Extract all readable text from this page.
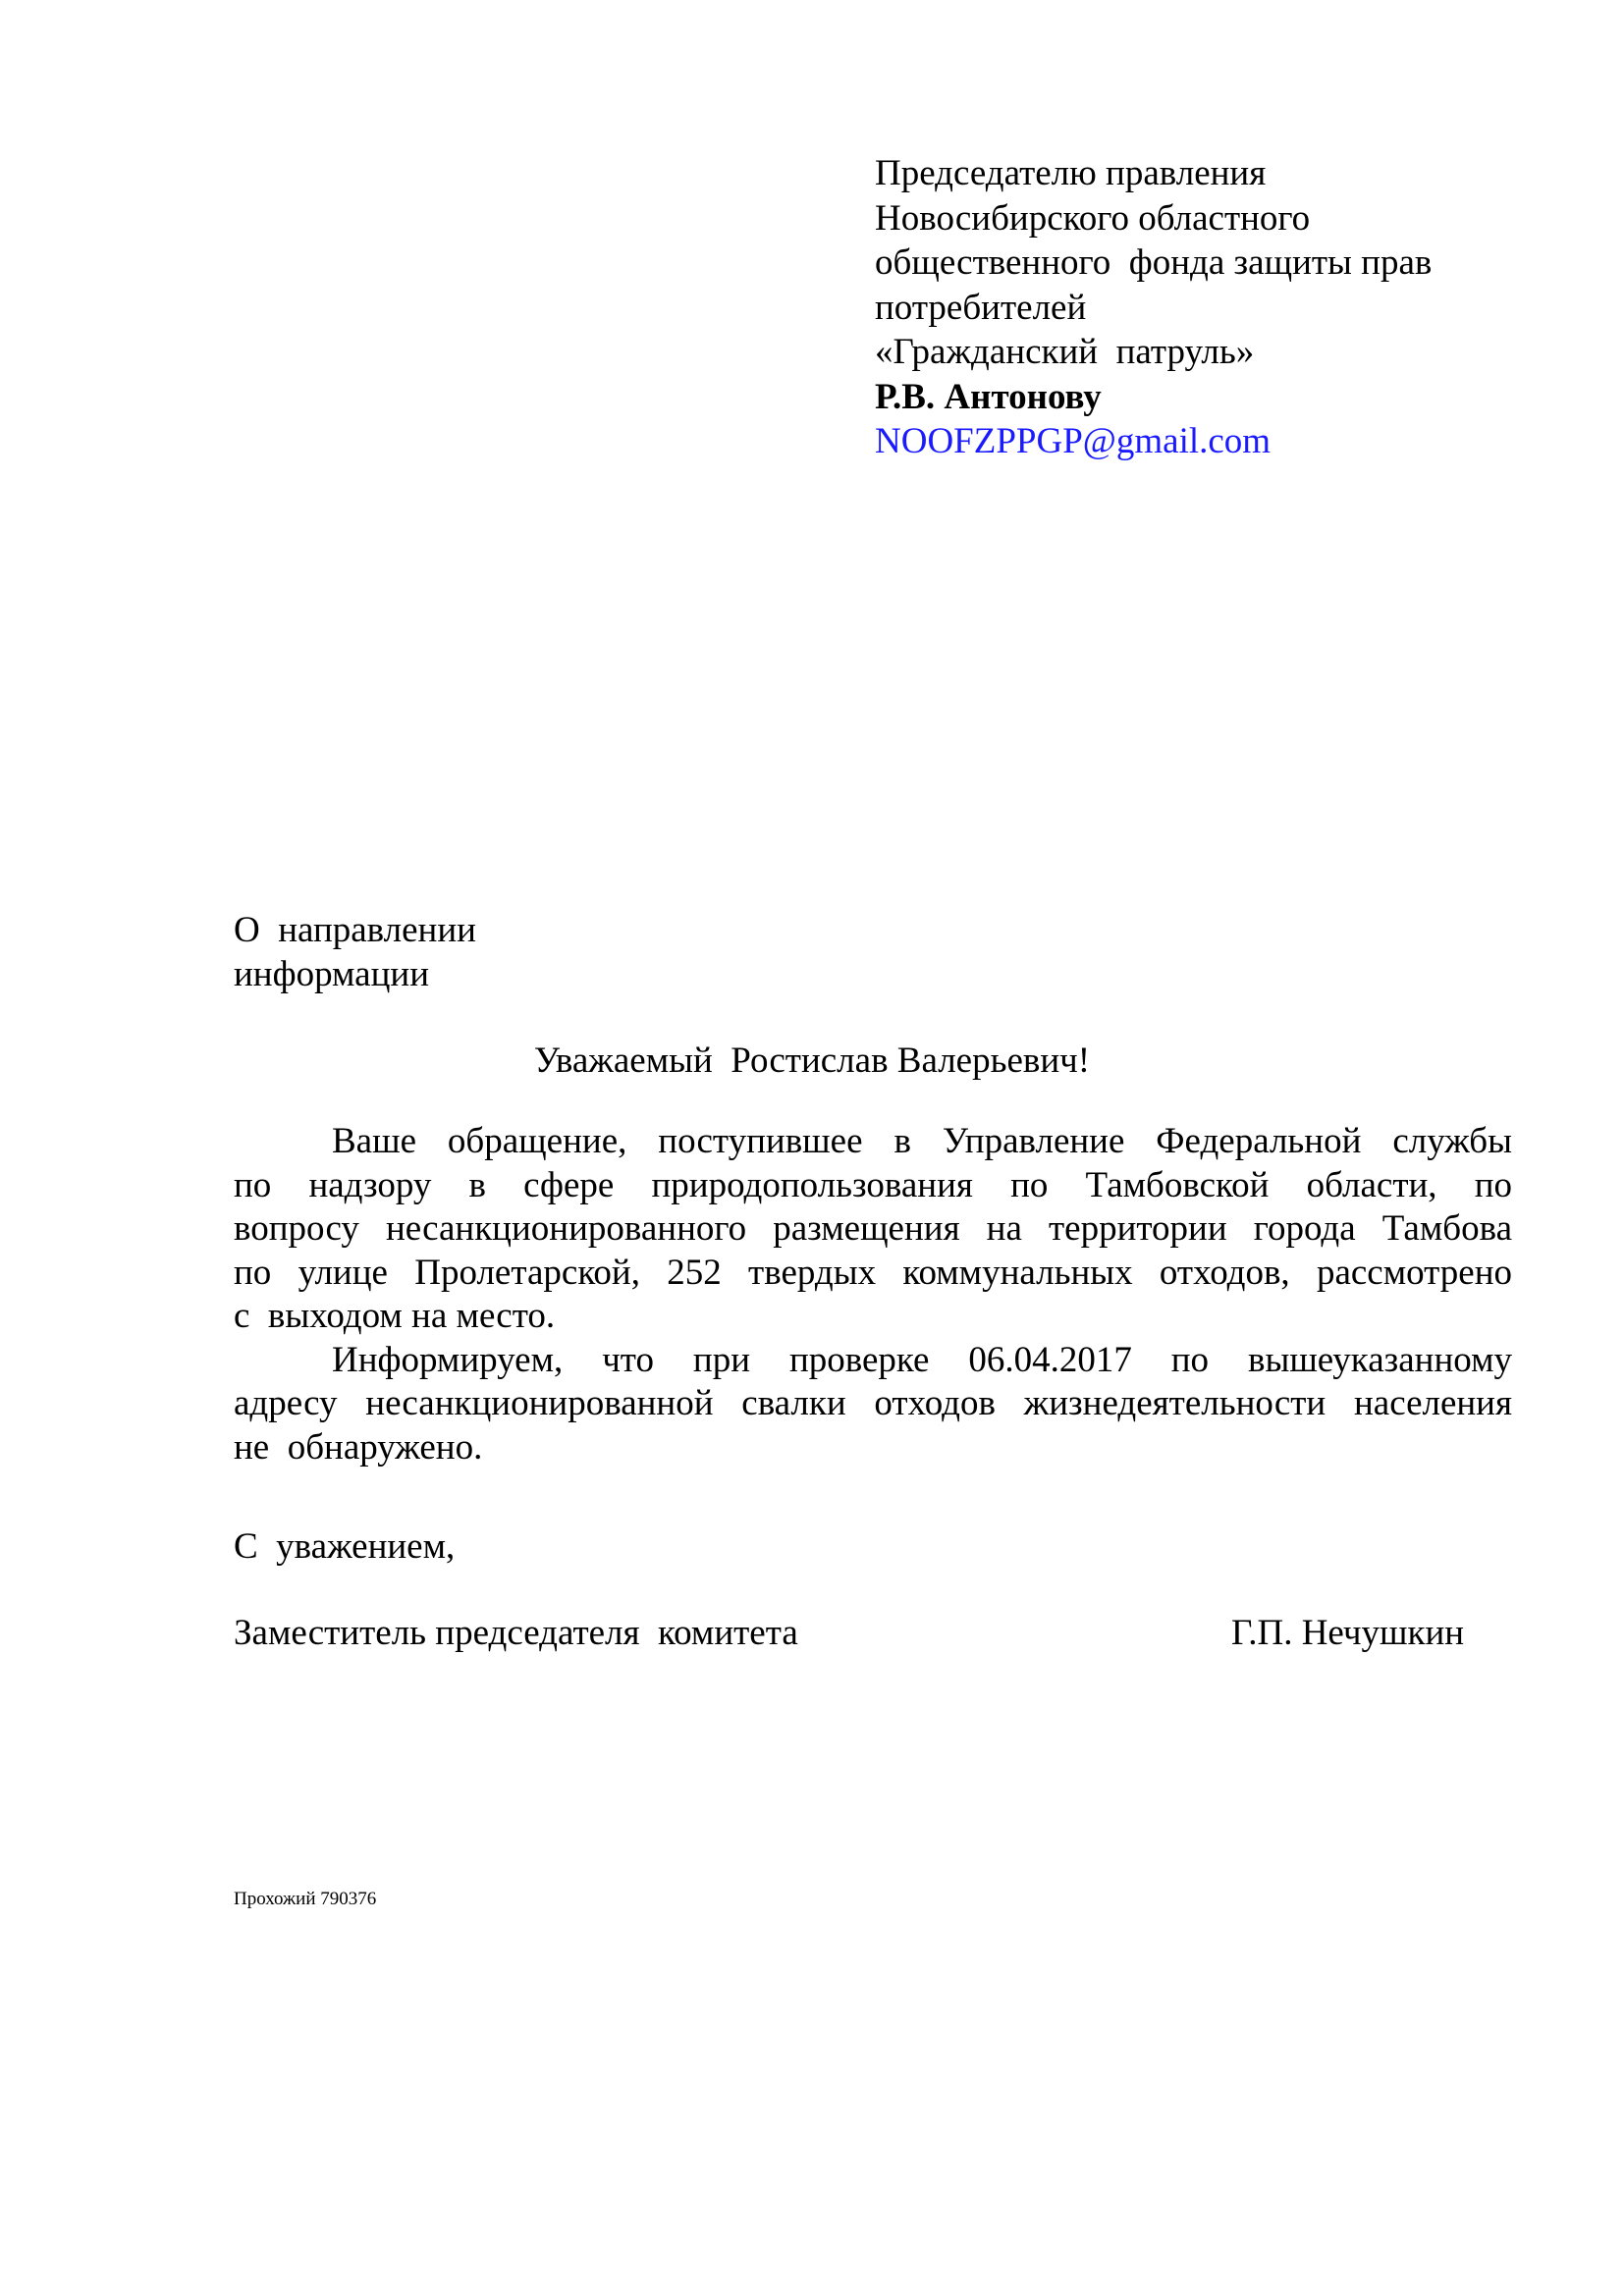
Председателю правления
Новосибирского областного
общественного  фонда защиты прав
потребителей
«Гражданский  патруль»
Р.В. Антонову
NOOFZPPGP@gmail.com
О  направлении
информации
Уважаемый  Ростислав Валерьевич!
Ваше обращение, поступившее в Управление Федеральной службы
по надзору в сфере природопользования по Тамбовской области, по
вопросу несанкционированного размещения на территории города Тамбова
по улице Пролетарской, 252 твердых коммунальных отходов, рассмотрено
с  выходом на место.
Информируем, что при проверке 06.04.2017 по вышеуказанному
адресу несанкционированной свалки отходов жизнедеятельности населения
не  обнаружено.
С  уважением,
Заместитель председателя  комитета	Г.П. Нечушкин
Прохожий 790376
